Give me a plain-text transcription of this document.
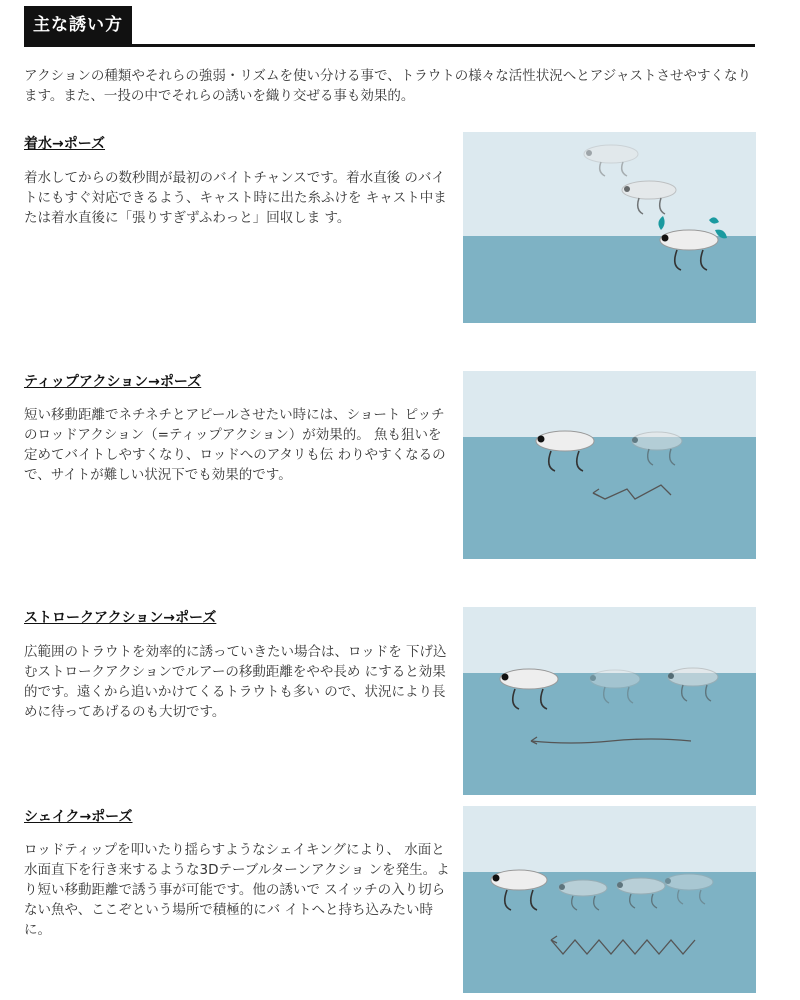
主な誘い方
アクションの種類やそれらの強弱・リズムを使い分ける事で、トラウトの様々な活性状況へとアジャストさせやすくなります。また、一投の中でそれらの誘いを織り交ぜる事も効果的。
着水→ポーズ
着水してからの数秒間が最初のバイトチャンスです。着水直後 のバイトにもすぐ対応できるよう、キャスト時に出た糸ふけを キャスト中または着水直後に「張りすぎずふわっと」回収しま す。
ティップアクション→ポーズ
短い移動距離でネチネチとアピールさせたい時には、ショート ピッチのロッドアクション（=ティップアクション）が効果的。 魚も狙いを定めてバイトしやすくなり、ロッドへのアタリも伝 わりやすくなるので、サイトが難しい状況下でも効果的です。
ストロークアクション→ポーズ
広範囲のトラウトを効率的に誘っていきたい場合は、ロッドを 下げ込むストロークアクションでルアーの移動距離をやや長め にすると効果的です。遠くから追いかけてくるトラウトも多い ので、状況により長めに待ってあげるのも大切です。
シェイク→ポーズ
ロッドティップを叩いたり揺らすようなシェイキングにより、 水面と水面直下を行き来するような3Dテーブルターンアクショ ンを発生。より短い移動距離で誘う事が可能です。他の誘いで スイッチの入り切らない魚や、ここぞという場所で積極的にバ イトへと持ち込みたい時に。
